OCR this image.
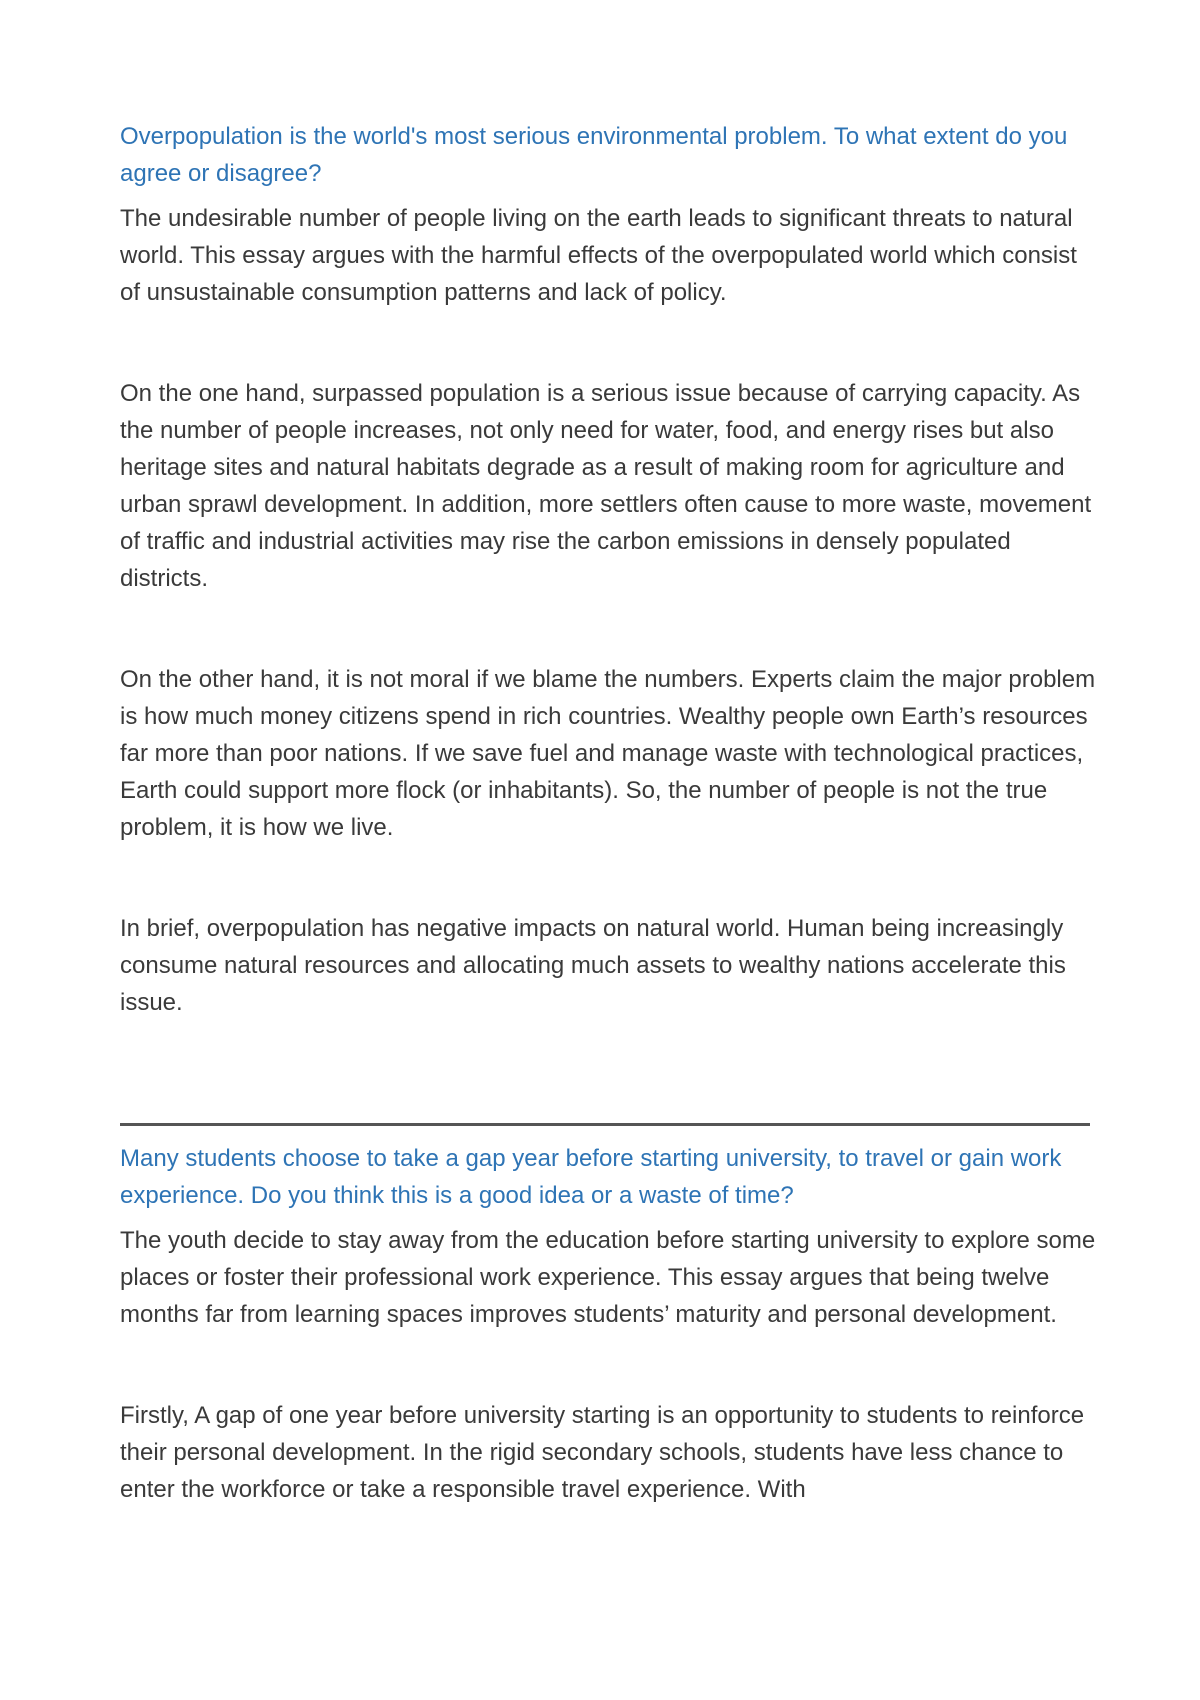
Overpopulation is the world's most serious environmental problem. To what extent do you agree or disagree?

The undesirable number of people living on the earth leads to significant threats to natural world. This essay argues with the harmful effects of the overpopulated world which consist of unsustainable consumption patterns and lack of policy.

On the one hand, surpassed population is a serious issue because of carrying capacity. As the number of people increases, not only need for water, food, and energy rises but also heritage sites and natural habitats degrade as a result of making room for agriculture and urban sprawl development. In addition, more settlers often cause to more waste, movement of traffic and industrial activities may rise the carbon emissions in densely populated districts.

On the other hand, it is not moral if we blame the numbers. Experts claim the major problem is how much money citizens spend in rich countries. Wealthy people own Earth’s resources far more than poor nations. If we save fuel and manage waste with technological practices, Earth could support more flock (or inhabitants). So, the number of people is not the true problem, it is how we live.

In brief, overpopulation has negative impacts on natural world. Human being increasingly consume natural resources and allocating much assets to wealthy nations accelerate this issue.

Many students choose to take a gap year before starting university, to travel or gain work experience. Do you think this is a good idea or a waste of time?

The youth decide to stay away from the education before starting university to explore some places or foster their professional work experience. This essay argues that being twelve months far from learning spaces improves students’ maturity and personal development.

Firstly, A gap of one year before university starting is an opportunity to students to reinforce their personal development. In the rigid secondary schools, students have less chance to enter the workforce or take a responsible travel experience. With
